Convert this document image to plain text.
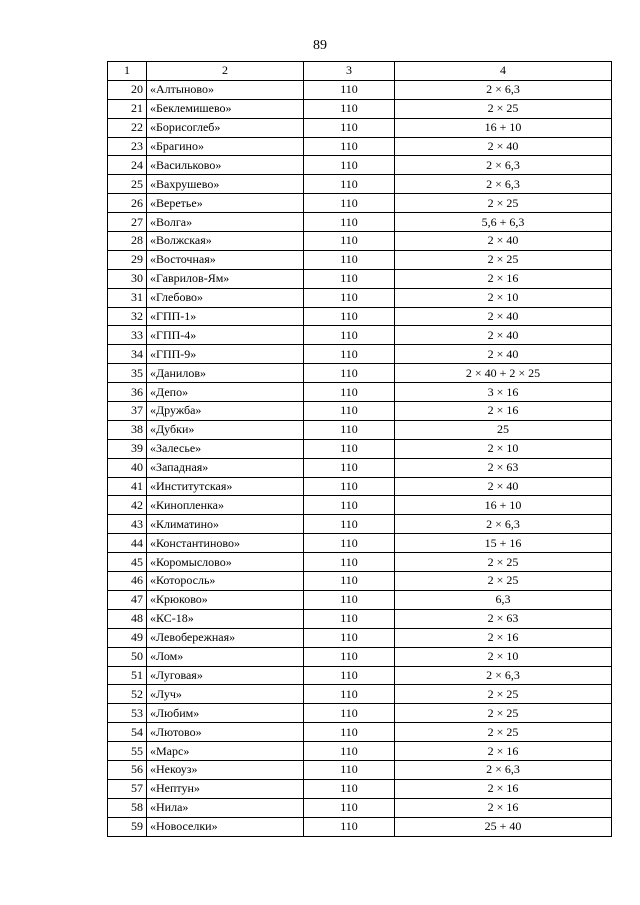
89
1	2	3	4
20	«Алтыново»	110	2 × 6,3
21	«Беклемишево»	110	2 × 25
22	«Борисоглеб»	110	16 + 10
23	«Брагино»	110	2 × 40
24	«Васильково»	110	2 × 6,3
25	«Вахрушево»	110	2 × 6,3
26	«Веретье»	110	2 × 25
27	«Волга»	110	5,6 + 6,3
28	«Волжская»	110	2 × 40
29	«Восточная»	110	2 × 25
30	«Гаврилов-Ям»	110	2 × 16
31	«Глебово»	110	2 × 10
32	«ГПП-1»	110	2 × 40
33	«ГПП-4»	110	2 × 40
34	«ГПП-9»	110	2 × 40
35	«Данилов»	110	2 × 40 + 2 × 25
36	«Депо»	110	3 × 16
37	«Дружба»	110	2 × 16
38	«Дубки»	110	25
39	«Залесье»	110	2 × 10
40	«Западная»	110	2 × 63
41	«Институтская»	110	2 × 40
42	«Кинопленка»	110	16 + 10
43	«Климатино»	110	2 × 6,3
44	«Константиново»	110	15 + 16
45	«Коромыслово»	110	2 × 25
46	«Которосль»	110	2 × 25
47	«Крюково»	110	6,3
48	«КС-18»	110	2 × 63
49	«Левобережная»	110	2 × 16
50	«Лом»	110	2 × 10
51	«Луговая»	110	2 × 6,3
52	«Луч»	110	2 × 25
53	«Любим»	110	2 × 25
54	«Лютово»	110	2 × 25
55	«Марс»	110	2 × 16
56	«Некоуз»	110	2 × 6,3
57	«Нептун»	110	2 × 16
58	«Нила»	110	2 × 16
59	«Новоселки»	110	25 + 40
